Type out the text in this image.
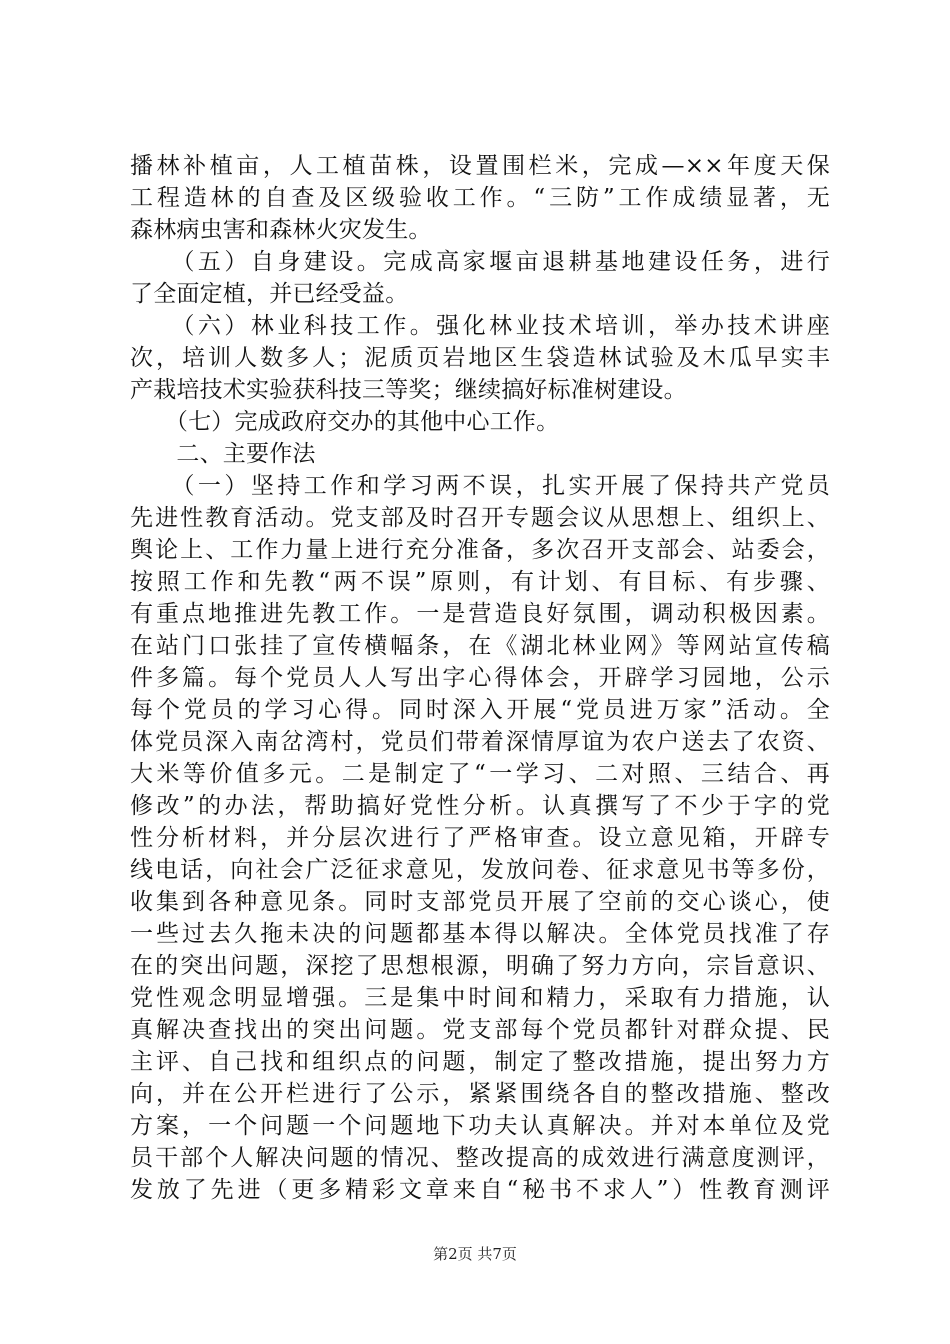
播林补植亩，人工植苗株，设置围栏米，完成—××年度天保
工程造林的自查及区级验收工作。“三防”工作成绩显著，无
森林病虫害和森林火灾发生。
　　（五）自身建设。完成高家堰亩退耕基地建设任务，进行
了全面定植，并已经受益。
　　（六）林业科技工作。强化林业技术培训，举办技术讲座
次，培训人数多人；泥质页岩地区生袋造林试验及木瓜早实丰
产栽培技术实验获科技三等奖；继续搞好标准树建设。
　　（七）完成政府交办的其他中心工作。
　　二、主要作法
　　（一）坚持工作和学习两不误，扎实开展了保持共产党员
先进性教育活动。党支部及时召开专题会议从思想上、组织上、
舆论上、工作力量上进行充分准备，多次召开支部会、站委会，
按照工作和先教“两不误”原则，有计划、有目标、有步骤、
有重点地推进先教工作。一是营造良好氛围，调动积极因素。
在站门口张挂了宣传横幅条，在《湖北林业网》等网站宣传稿
件多篇。每个党员人人写出字心得体会，开辟学习园地，公示
每个党员的学习心得。同时深入开展“党员进万家”活动。全
体党员深入南岔湾村，党员们带着深情厚谊为农户送去了农资、
大米等价值多元。二是制定了“一学习、二对照、三结合、再
修改”的办法，帮助搞好党性分析。认真撰写了不少于字的党
性分析材料，并分层次进行了严格审查。设立意见箱，开辟专
线电话，向社会广泛征求意见，发放问卷、征求意见书等多份，
收集到各种意见条。同时支部党员开展了空前的交心谈心，使
一些过去久拖未决的问题都基本得以解决。全体党员找准了存
在的突出问题，深挖了思想根源，明确了努力方向，宗旨意识、
党性观念明显增强。三是集中时间和精力，采取有力措施，认
真解决查找出的突出问题。党支部每个党员都针对群众提、民
主评、自己找和组织点的问题，制定了整改措施，提出努力方
向，并在公开栏进行了公示，紧紧围绕各自的整改措施、整改
方案，一个问题一个问题地下功夫认真解决。并对本单位及党
员干部个人解决问题的情况、整改提高的成效进行满意度测评，
发放了先进（更多精彩文章来自“秘书不求人”）性教育测评
第2页 共7页
